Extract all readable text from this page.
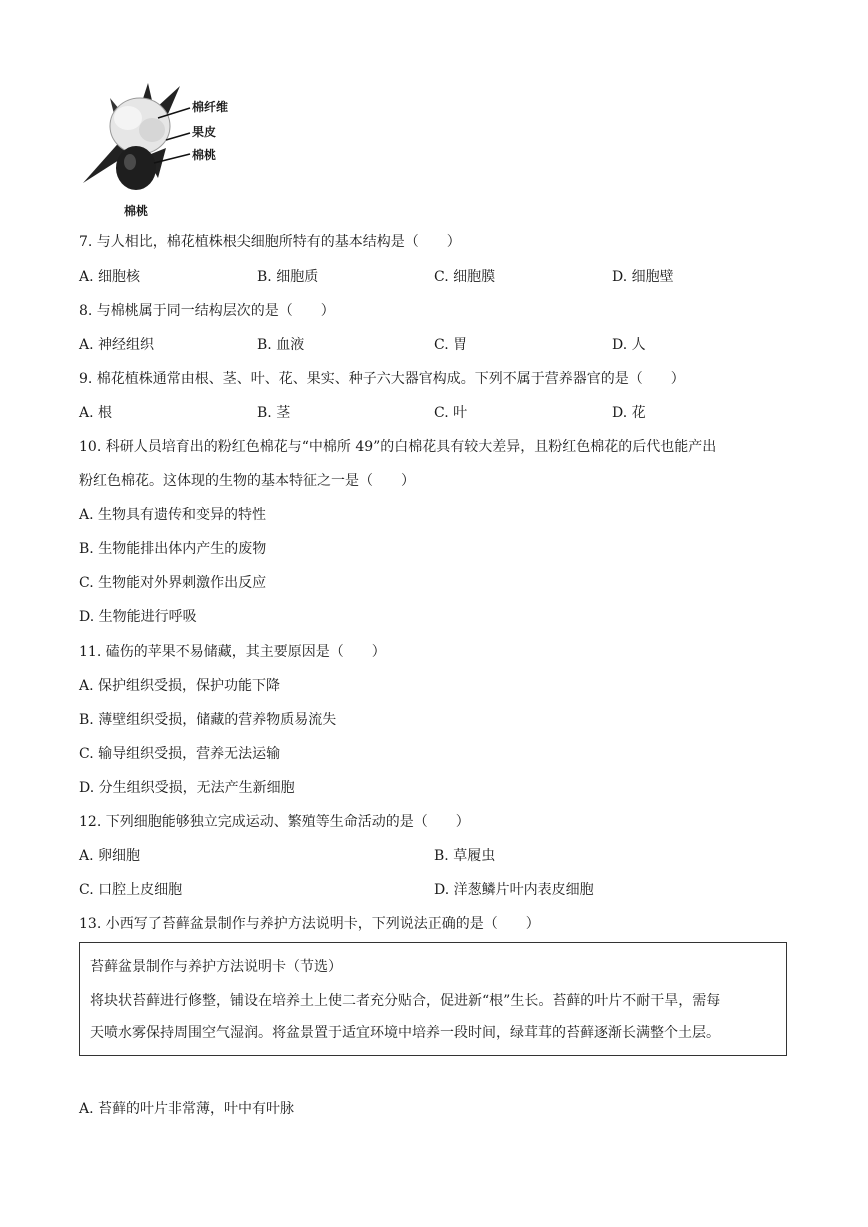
棉纤维
果皮
棉桃
棉桃
7. 与人相比，棉花植株根尖细胞所特有的基本结构是（　　）
A. 细胞核	B. 细胞质	C. 细胞膜	D. 细胞壁
8. 与棉桃属于同一结构层次的是（　　）
A. 神经组织	B. 血液	C. 胃	D. 人
9. 棉花植株通常由根、茎、叶、花、果实、种子六大器官构成。下列不属于营养器官的是（　　）
A. 根	B. 茎	C. 叶	D. 花
10. 科研人员培育出的粉红色棉花与“中棉所 49”的白棉花具有较大差异，且粉红色棉花的后代也能产出
粉红色棉花。这体现的生物的基本特征之一是（　　）
A. 生物具有遗传和变异的特性
B. 生物能排出体内产生的废物
C. 生物能对外界刺激作出反应
D. 生物能进行呼吸
11. 磕伤的苹果不易储藏，其主要原因是（　　）
A. 保护组织受损，保护功能下降
B. 薄壁组织受损，储藏的营养物质易流失
C. 输导组织受损，营养无法运输
D. 分生组织受损，无法产生新细胞
12. 下列细胞能够独立完成运动、繁殖等生命活动的是（　　）
A. 卵细胞	B. 草履虫
C. 口腔上皮细胞	D. 洋葱鳞片叶内表皮细胞
13. 小西写了苔藓盆景制作与养护方法说明卡，下列说法正确的是（　　）
苔藓盆景制作与养护方法说明卡（节选）
将块状苔藓进行修整，铺设在培养土上使二者充分贴合，促进新“根”生长。苔藓的叶片不耐干旱，需每
天喷水雾保持周围空气湿润。将盆景置于适宜环境中培养一段时间，绿茸茸的苔藓逐渐长满整个土层。
A. 苔藓的叶片非常薄，叶中有叶脉
